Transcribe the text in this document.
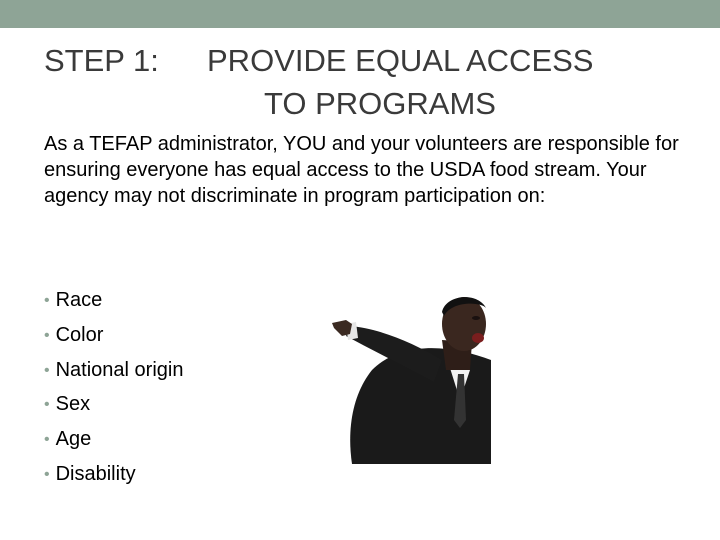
STEP 1: PROVIDE EQUAL ACCESS
TO PROGRAMS
As a TEFAP administrator, YOU and your volunteers are responsible for ensuring everyone has equal access to the USDA food stream. Your agency may not discriminate in program participation on:
• Race
• Color
• National origin
• Sex
• Age
• Disability
